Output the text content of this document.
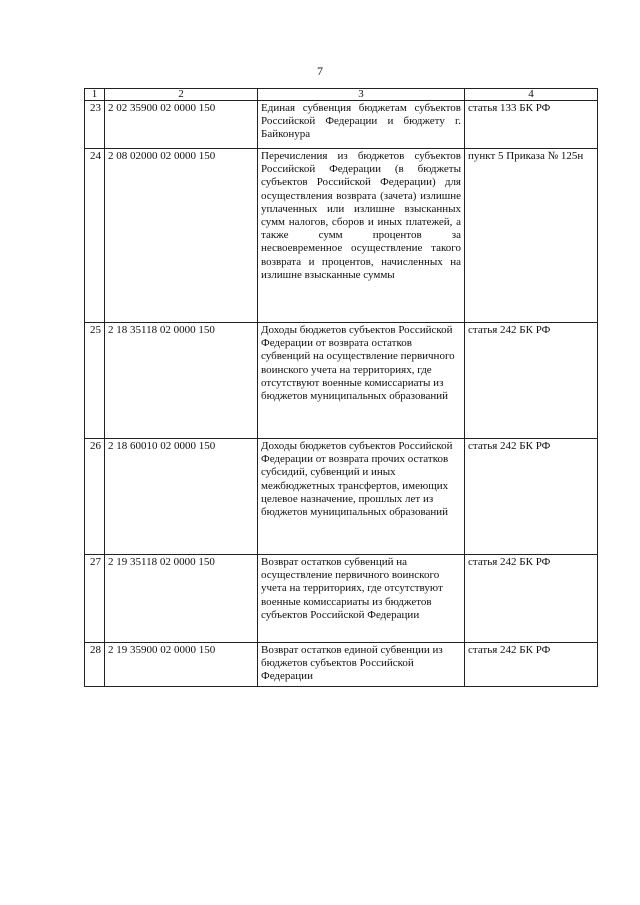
7
1	2	3	4
23	2 02 35900 02 0000 150	Единая субвенция бюджетам субъектов Российской Федерации и бюджету г. Байконура	статья 133 БК РФ
24	2 08 02000 02 0000 150	Перечисления из бюджетов субъектов Российской Федерации (в бюджеты субъектов Российской Федерации) для осуществления возврата (зачета) излишне уплаченных или излишне взысканных сумм налогов, сборов и иных платежей, а также сумм процентов за несвоевременное осуществление такого возврата и процентов, начисленных на излишне взысканные суммы	пункт 5 Приказа № 125н
25	2 18 35118 02 0000 150	Доходы бюджетов субъектов Российской Федерации от возврата остатков субвенций на осуществление первичного воинского учета на территориях, где отсутствуют военные комиссариаты из бюджетов муниципальных образований	статья 242 БК РФ
26	2 18 60010 02 0000 150	Доходы бюджетов субъектов Российской Федерации от возврата прочих остатков субсидий, субвенций и иных межбюджетных трансфертов, имеющих целевое назначение, прошлых лет из бюджетов муниципальных образований	статья 242 БК РФ
27	2 19 35118 02 0000 150	Возврат остатков субвенций на осуществление первичного воинского учета на территориях, где отсутствуют военные комиссариаты из бюджетов субъектов Российской Федерации	статья 242 БК РФ
28	2 19 35900 02 0000 150	Возврат остатков единой субвенции из бюджетов субъектов Российской Федерации	статья 242 БК РФ
